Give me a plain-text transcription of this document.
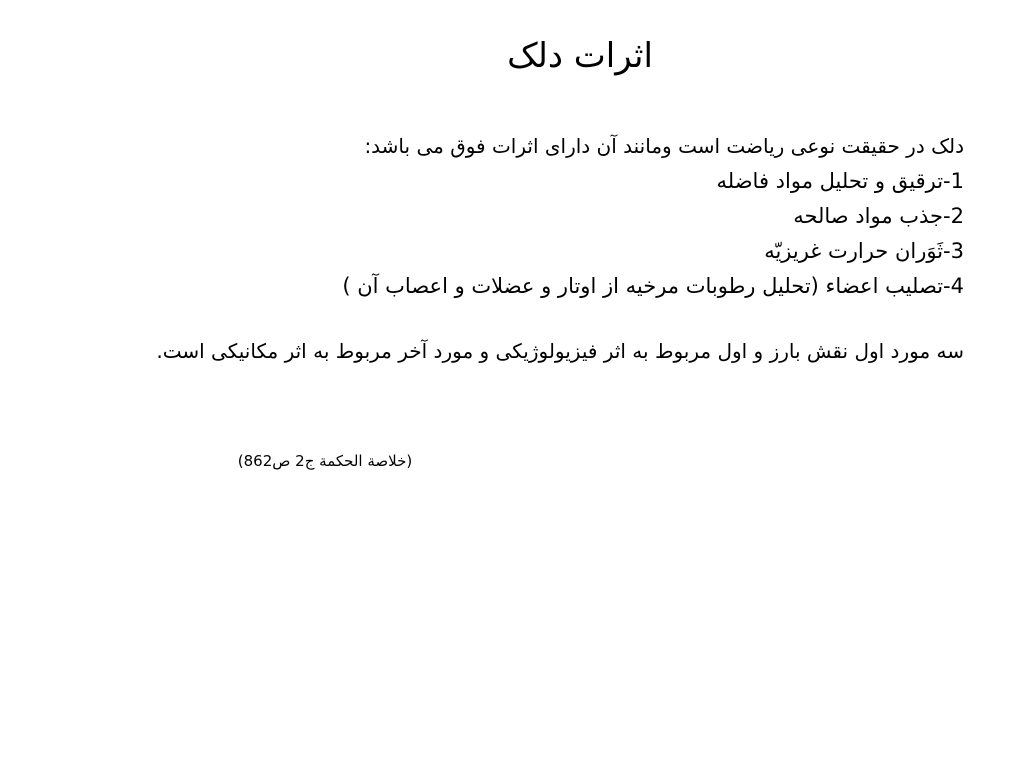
اثرات دلک

دلک در حقیقت نوعی ریاضت است ومانند آن دارای اثرات فوق می باشد:

1-ترقیق و تحلیل مواد فاضله
2-جذب مواد صالحه
3-ثَوَران حرارت غریزیّه
4-تصلیب اعضاء (تحلیل رطوبات مرخیه از اوتار و عضلات و اعصاب آن )

سه مورد اول نقش بارز و اول مربوط به اثر فیزیولوژیکی و مورد آخر مربوط به اثر مکانیکی است.

(خلاصة الحکمة ج2 ص862)
